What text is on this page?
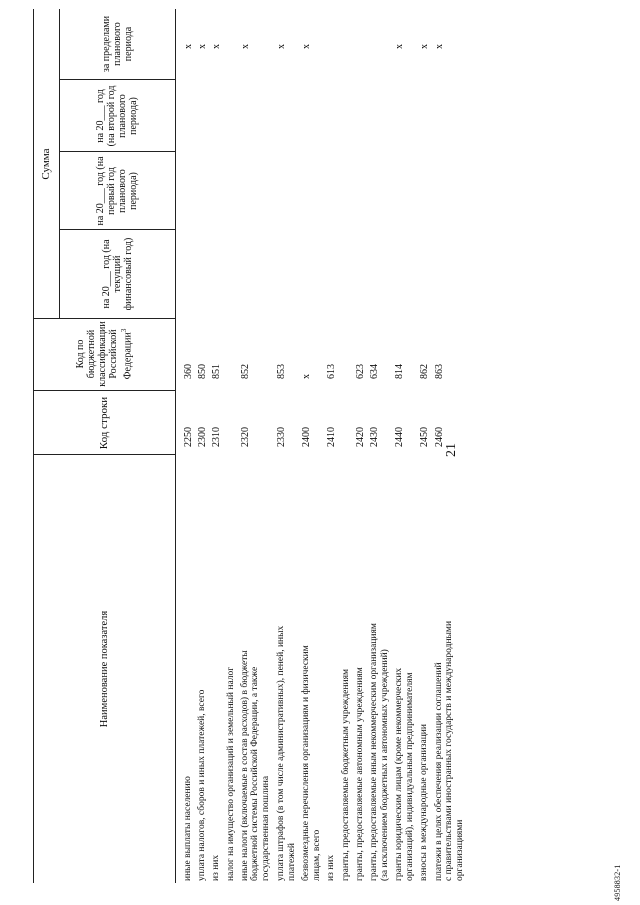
21
4958832-1
Наименование показателя
Код строки
Код по бюджетной классификации Российской Федерации$^3$
Сумма
на 20___ год (на текущий финансовый год)
на 20___ год (на первый год планового периода)
на 20___ год (на второй год планового периода)
за пределами планового периода
иные выплаты населению
2250
360
x
уплата налогов, сборов и иных платежей, всего
2300
850
x
из них
2310
851
x
налог на имущество организаций и земельный налог иные налоги (включаемые в состав расходов) в бюджеты бюджетной системы Российской Федерации, а также государственная пошлина
2320
852
x
уплата штрафов (в том числе административных), пеней, иных платежей
2330
853
x
безвозмездные перечисления организациям и физическим лицам, всего
2400
x
x
из них
2410
613
гранты, предоставляемые бюджетным учреждениям гранты, предоставляемые автономным учреждениям
2420
623
гранты, предоставляемые иным некоммерческим организациям (за исключением бюджетных и автономных учреждений)
2430
634
гранты юридическим лицам (кроме некоммерческих организаций), индивидуальным предпринимателям
2440
814
x
взносы в международные организации
2450
862
x
платежи в целях обеспечения реализации соглашений с правительствами иностранных государств и международными организациями
2460
863
x
